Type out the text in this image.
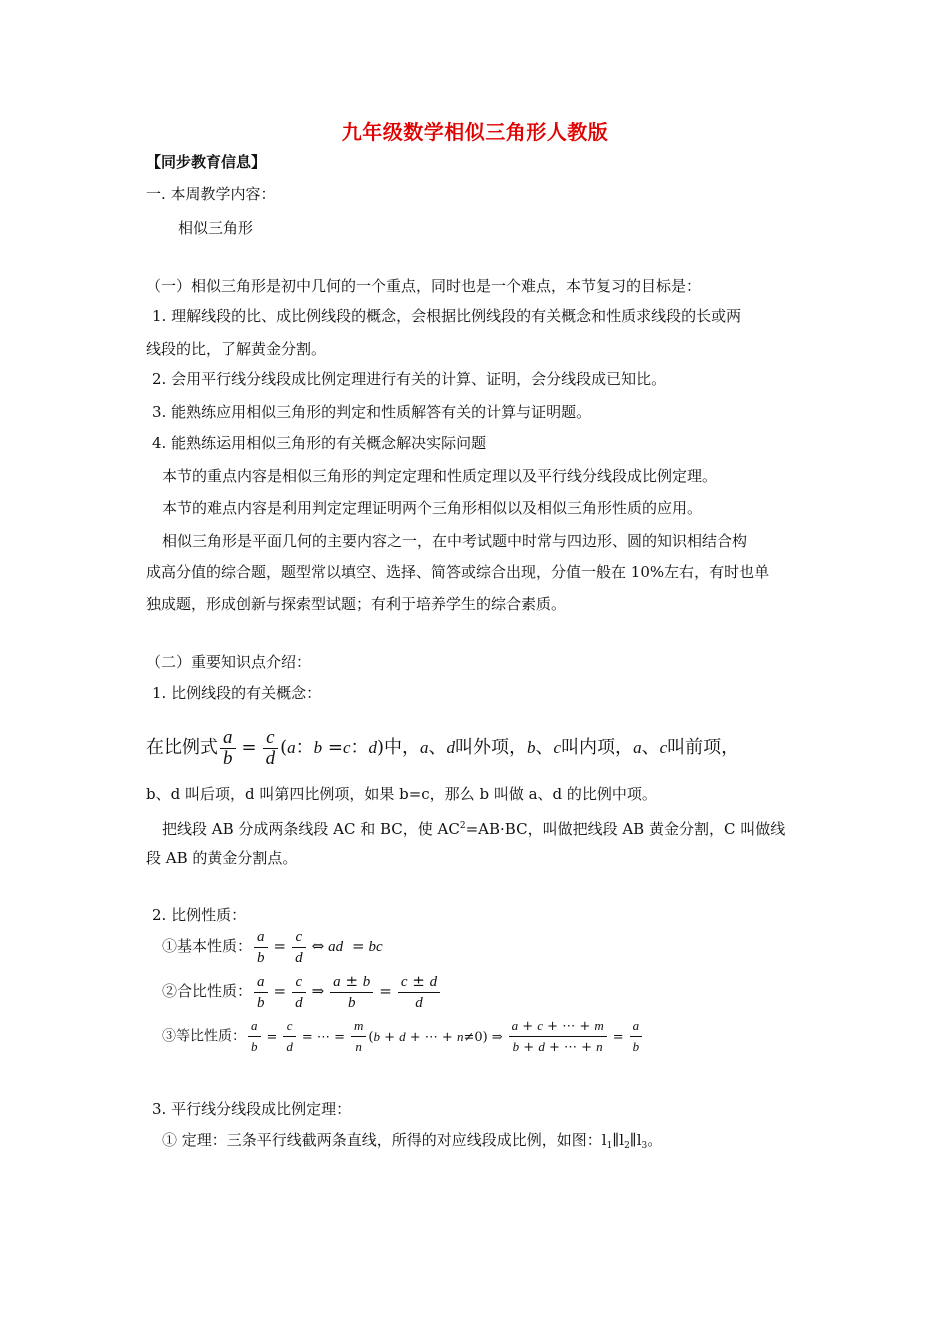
九年级数学相似三角形人教版
【同步教育信息】
一. 本周教学内容：
相似三角形
（一）相似三角形是初中几何的一个重点，同时也是一个难点，本节复习的目标是：
1. 理解线段的比、成比例线段的概念，会根据比例线段的有关概念和性质求线段的长或两
线段的比，了解黄金分割。
2. 会用平行线分线段成比例定理进行有关的计算、证明，会分线段成已知比。
3. 能熟练应用相似三角形的判定和性质解答有关的计算与证明题。
4. 能熟练运用相似三角形的有关概念解决实际问题
本节的重点内容是相似三角形的判定定理和性质定理以及平行线分线段成比例定理。
本节的难点内容是利用判定定理证明两个三角形相似以及相似三角形性质的应用。
相似三角形是平面几何的主要内容之一，在中考试题中时常与四边形、圆的知识相结合构
成高分值的综合题，题型常以填空、选择、简答或综合出现，分值一般在 10%左右，有时也单
独成题，形成创新与探索型试题；有利于培养学生的综合素质。
（二）重要知识点介绍：
1. 比例线段的有关概念：
在比例式 $\frac{a}{b} = \frac{c}{d} (a$：b =c：d)中，a、d叫外项，b、c叫内项，a、c叫前项，
b、d 叫后项，d 叫第四比例项，如果 b=c，那么 b 叫做 a、d 的比例中项。
把线段 AB 分成两条线段 AC 和 BC，使 $AC^2=AB\cdot BC$，叫做把线段 AB 黄金分割，C 叫做线
段 AB 的黄金分割点。
2. 比例性质：
①基本性质： $\frac{a}{b} = \frac{c}{d}$ ⇔ ad = bc
②合比性质： $\frac{a}{b} = \frac{c}{d}$ ⇒ $\frac{a \pm b}{b} = \frac{c \pm d}{d}$
③等比性质： $\frac{a}{b} = \frac{c}{d}$ = ⋯ = $\frac{m}{n} (b + d$ + ⋯ + n≠0) ⇒ $\frac{a + c + \cdots + m}{b + d + \cdots + n} = \frac{a}{b}$
3. 平行线分线段成比例定理：
① 定理：三条平行线截两条直线，所得的对应线段成比例，如图：$l_1\parallel l_2\parallel l_3$。
